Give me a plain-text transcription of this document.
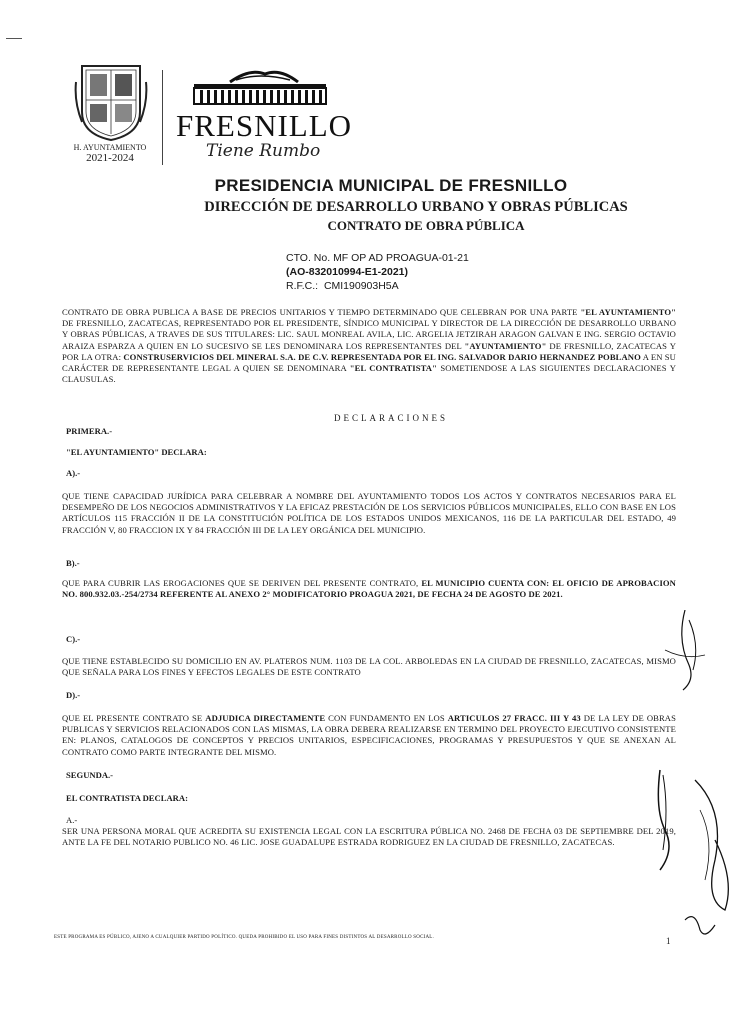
H. AYUNTAMIENTO
2021-2024
FRESNILLO
Tiene Rumbo
PRESIDENCIA MUNICIPAL DE FRESNILLO
DIRECCIÓN DE DESARROLLO URBANO Y OBRAS PÚBLICAS
CONTRATO DE OBRA PÚBLICA
CTO. No. MF OP AD PROAGUA-01-21
(AO-832010994-E1-2021)
R.F.C.: CMI190903H5A
CONTRATO DE OBRA PUBLICA A BASE DE PRECIOS UNITARIOS Y TIEMPO DETERMINADO QUE CELEBRAN POR UNA PARTE "EL AYUNTAMIENTO" DE FRESNILLO, ZACATECAS, REPRESENTADO POR EL PRESIDENTE, SÍNDICO MUNICIPAL Y DIRECTOR DE LA DIRECCIÓN DE DESARROLLO URBANO Y OBRAS PÚBLICAS, A TRAVES DE SUS TITULARES: LIC. SAUL MONREAL AVILA, LIC. ARGELIA JETZIRAH ARAGON GALVAN E ING. SERGIO OCTAVIO ARAIZA ESPARZA A QUIEN EN LO SUCESIVO SE LES DENOMINARA LOS REPRESENTANTES DEL "AYUNTAMIENTO" DE FRESNILLO, ZACATECAS Y POR LA OTRA: CONSTRUSERVICIOS DEL MINERAL S.A. DE C.V. REPRESENTADA POR EL ING. SALVADOR DARIO HERNANDEZ POBLANO A EN SU CARÁCTER DE REPRESENTANTE LEGAL A QUIEN SE DENOMINARA "EL CONTRATISTA" SOMETIENDOSE A LAS SIGUIENTES DECLARACIONES Y CLAUSULAS.
DECLARACIONES
PRIMERA.-
"EL AYUNTAMIENTO" DECLARA:
A).-
QUE TIENE CAPACIDAD JURÍDICA PARA CELEBRAR A NOMBRE DEL AYUNTAMIENTO TODOS LOS ACTOS Y CONTRATOS NECESARIOS PARA EL DESEMPEÑO DE LOS NEGOCIOS ADMINISTRATIVOS Y LA EFICAZ PRESTACIÓN DE LOS SERVICIOS PÚBLICOS MUNICIPALES, ELLO CON BASE EN LOS ARTÍCULOS 115 FRACCIÓN II DE LA CONSTITUCIÓN POLÍTICA DE LOS ESTADOS UNIDOS MEXICANOS, 116 DE LA PARTICULAR DEL ESTADO, 49 FRACCIÓN V, 80 FRACCION IX Y 84 FRACCIÓN III DE LA LEY ORGÁNICA DEL MUNICIPIO.
B).-
QUE PARA CUBRIR LAS EROGACIONES QUE SE DERIVEN DEL PRESENTE CONTRATO, EL MUNICIPIO CUENTA CON: EL OFICIO DE APROBACION NO. 800.932.03.-254/2734 REFERENTE AL ANEXO 2° MODIFICATORIO PROAGUA 2021, DE FECHA 24 DE AGOSTO DE 2021.
C).-
QUE TIENE ESTABLECIDO SU DOMICILIO EN AV. PLATEROS NUM. 1103 DE LA COL. ARBOLEDAS EN LA CIUDAD DE FRESNILLO, ZACATECAS, MISMO QUE SEÑALA PARA LOS FINES Y EFECTOS LEGALES DE ESTE CONTRATO
D).-
QUE EL PRESENTE CONTRATO SE ADJUDICA DIRECTAMENTE CON FUNDAMENTO EN LOS ARTICULOS 27 FRACC. III Y 43 DE LA LEY DE OBRAS PUBLICAS Y SERVICIOS RELACIONADOS CON LAS MISMAS, LA OBRA DEBERA REALIZARSE EN TERMINO DEL PROYECTO EJECUTIVO CONSISTENTE EN: PLANOS, CATALOGOS DE CONCEPTOS Y PRECIOS UNITARIOS, ESPECIFICACIONES, PROGRAMAS Y PRESUPUESTOS Y QUE SE ANEXAN AL CONTRATO COMO PARTE INTEGRANTE DEL MISMO.
SEGUNDA.-
EL CONTRATISTA DECLARA:
A.-
SER UNA PERSONA MORAL QUE ACREDITA SU EXISTENCIA LEGAL CON LA ESCRITURA PÚBLICA NO. 2468 DE FECHA 03 DE SEPTIEMBRE DEL 2019, ANTE LA FE DEL NOTARIO PUBLICO NO. 46 LIC. JOSE GUADALUPE ESTRADA RODRIGUEZ EN LA CIUDAD DE FRESNILLO, ZACATECAS.
ESTE PROGRAMA ES PÚBLICO, AJENO A CUALQUIER PARTIDO POLÍTICO. QUEDA PROHIBIDO EL USO PARA FINES DISTINTOS AL DESARROLLO SOCIAL.	1
